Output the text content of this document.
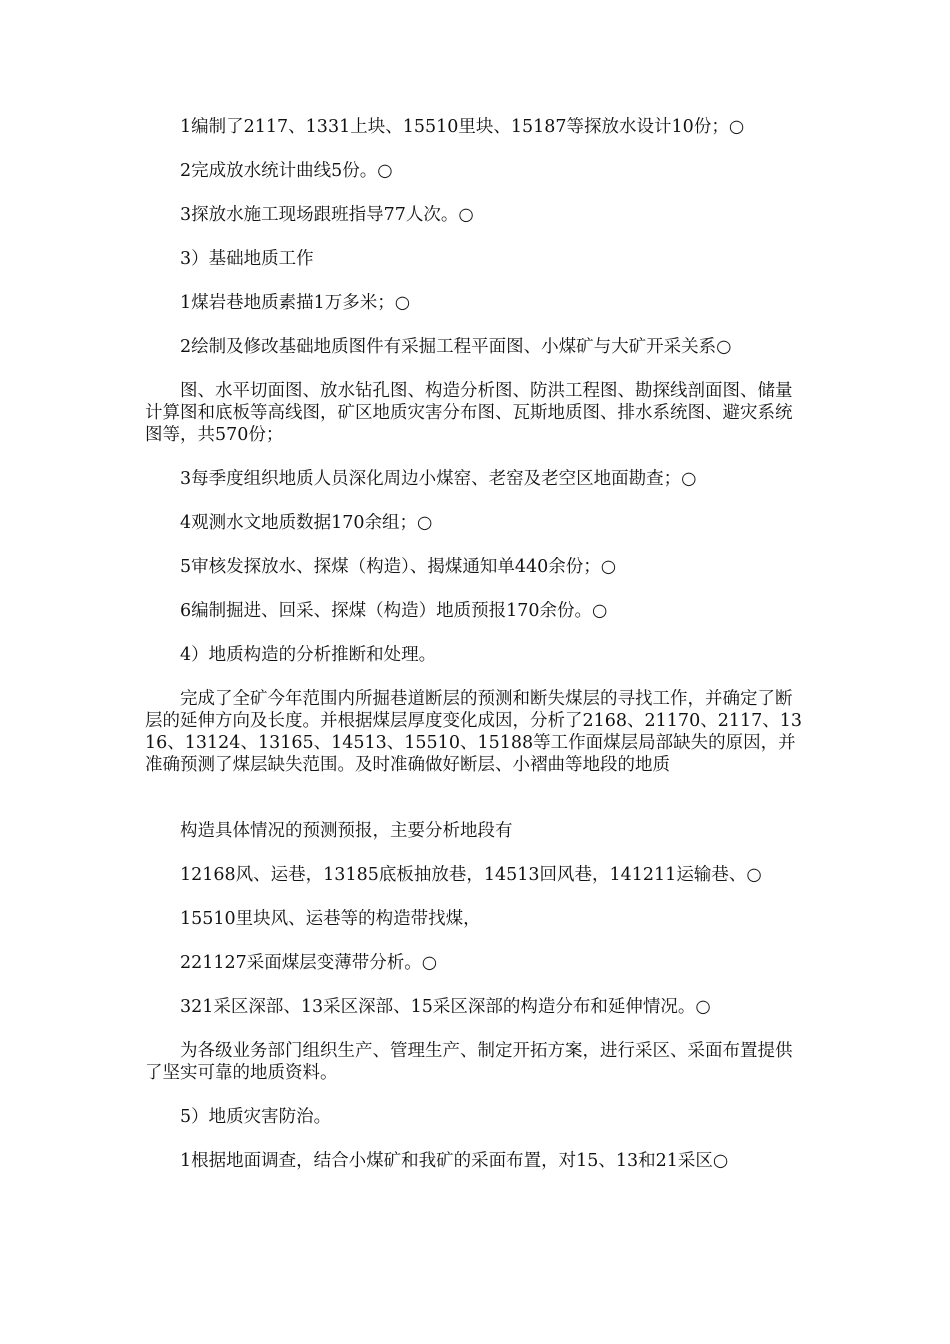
　　1编制了2117、1331上块、15510里块、15187等探放水设计10份；○

　　2完成放水统计曲线5份。○

　　3探放水施工现场跟班指导77人次。○

　　3）基础地质工作

　　1煤岩巷地质素描1万多米；○

　　2绘制及修改基础地质图件有采掘工程平面图、小煤矿与大矿开采关系○

　　图、水平切面图、放水钻孔图、构造分析图、防洪工程图、勘探线剖面图、储量计算图和底板等高线图，矿区地质灾害分布图、瓦斯地质图、排水系统图、避灾系统图等，共570份；

　　3每季度组织地质人员深化周边小煤窑、老窑及老空区地面勘查；○

　　4观测水文地质数据170余组；○

　　5审核发探放水、探煤（构造）、揭煤通知单440余份；○

　　6编制掘进、回采、探煤（构造）地质预报170余份。○

　　4）地质构造的分析推断和处理。

　　完成了全矿今年范围内所掘巷道断层的预测和断失煤层的寻找工作，并确定了断层的延伸方向及长度。并根据煤层厚度变化成因，分析了2168、21170、2117、1316、13124、13165、14513、15510、15188等工作面煤层局部缺失的原因，并准确预测了煤层缺失范围。及时准确做好断层、小褶曲等地段的地质

　　构造具体情况的预测预报，主要分析地段有

　　12168风、运巷，13185底板抽放巷，14513回风巷，141211运输巷、○

　　15510里块风、运巷等的构造带找煤，

　　221127采面煤层变薄带分析。○

　　321采区深部、13采区深部、15采区深部的构造分布和延伸情况。○

　　为各级业务部门组织生产、管理生产、制定开拓方案，进行采区、采面布置提供了坚实可靠的地质资料。

　　5）地质灾害防治。

　　1根据地面调查，结合小煤矿和我矿的采面布置，对15、13和21采区○
